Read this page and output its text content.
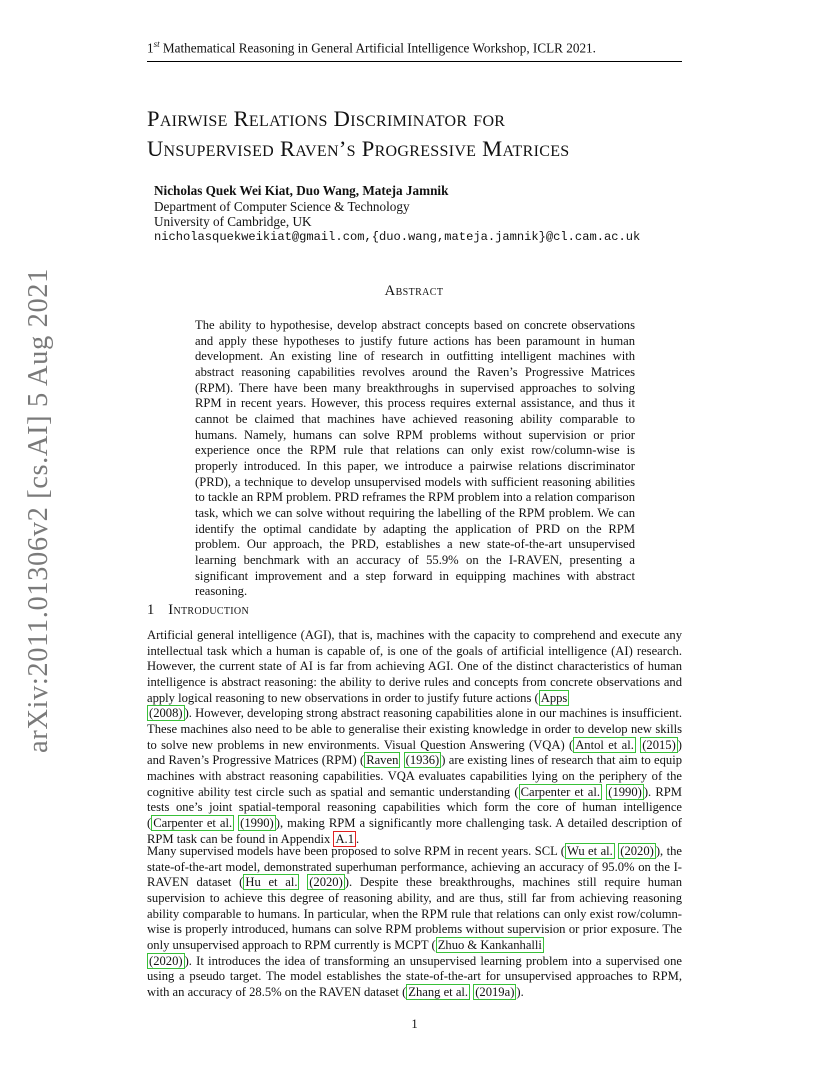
1st Mathematical Reasoning in General Artificial Intelligence Workshop, ICLR 2021.
Pairwise Relations Discriminator for
Unsupervised Raven’s Progressive Matrices
Nicholas Quek Wei Kiat, Duo Wang, Mateja Jamnik
Department of Computer Science & Technology
University of Cambridge, UK
nicholasquekweikiat@gmail.com,{duo.wang,mateja.jamnik}@cl.cam.ac.uk
arXiv:2011.01306v2 [cs.AI] 5 Aug 2021	Abstract

The ability to hypothesise, develop abstract concepts based on concrete observations and apply these hypotheses to justify future actions has been paramount in human development. An existing line of research in outfitting intelligent machines with abstract reasoning capabilities revolves around the Raven’s Progressive Matrices (RPM). There have been many breakthroughs in supervised approaches to solving RPM in recent years. However, this process requires external assistance, and thus it cannot be claimed that machines have achieved reasoning ability comparable to humans. Namely, humans can solve RPM problems without supervision or prior experience once the RPM rule that relations can only exist row/column-wise is properly introduced. In this paper, we introduce a pairwise relations discriminator (PRD), a technique to develop unsupervised models with sufficient reasoning abilities to tackle an RPM problem. PRD reframes the RPM problem into a relation comparison task, which we can solve without requiring the labelling of the RPM problem. We can identify the optimal candidate by adapting the application of PRD on the RPM problem. Our approach, the PRD, establishes a new state-of-the-art unsupervised learning benchmark with an accuracy of 55.9% on the I-RAVEN, presenting a significant improvement and a step forward in equipping machines with abstract reasoning.

1 Introduction

Artificial general intelligence (AGI), that is, machines with the capacity to comprehend and execute any intellectual task which a human is capable of, is one of the goals of artificial intelligence (AI) research. However, the current state of AI is far from achieving AGI. One of the distinct characteristics of human intelligence is abstract reasoning: the ability to derive rules and concepts from concrete observations and apply logical reasoning to new observations in order to justify future actions ( Apps
(2008) ). However, developing strong abstract reasoning capabilities alone in our machines is insufficient. These machines also need to be able to generalise their existing knowledge in order to develop new skills to solve new problems in new environments. Visual Question Answering (VQA) ( Antol et al. (2015) ) and Raven’s Progressive Matrices (RPM) ( Raven (1936) ) are existing lines of research that aim to equip machines with abstract reasoning capabilities. VQA evaluates capabilities lying on the periphery of the cognitive ability test circle such as spatial and semantic understanding ( Carpenter et al. (1990) ). RPM tests one’s joint spatial-temporal reasoning capabilities which form the core of human intelligence ( Carpenter et al. (1990) ), making RPM a significantly more challenging task. A detailed description of RPM task can be found in Appendix A.1 .

Many supervised models have been proposed to solve RPM in recent years. SCL ( Wu et al. (2020) ), the state-of-the-art model, demonstrated superhuman performance, achieving an accuracy of 95.0% on the I-RAVEN dataset ( Hu et al. (2020) ). Despite these breakthroughs, machines still require human supervision to achieve this degree of reasoning ability, and are thus, still far from achieving reasoning ability comparable to humans. In particular, when the RPM rule that relations can only exist row/column-wise is properly introduced, humans can solve RPM problems without supervision or prior exposure. The only unsupervised approach to RPM currently is MCPT ( Zhuo & Kankanhalli
(2020) ). It introduces the idea of transforming an unsupervised learning problem into a supervised one using a pseudo target. The model establishes the state-of-the-art for unsupervised approaches to RPM, with an accuracy of 28.5% on the RAVEN dataset ( Zhang et al. (2019a) ).

1
